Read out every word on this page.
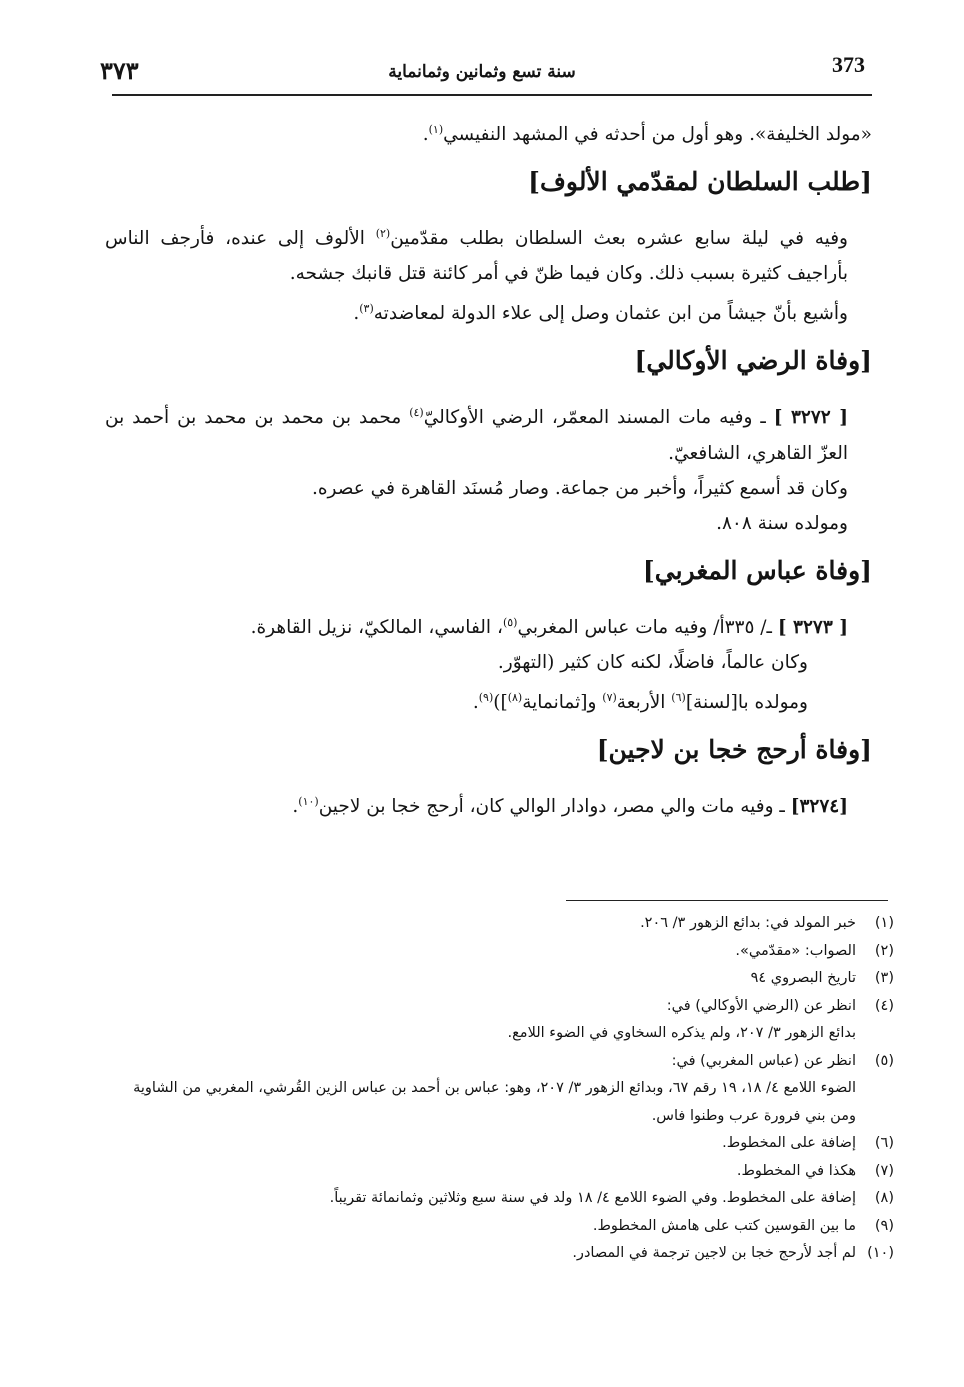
373
سنة تسع وثمانين وثمانماية
٣٧٣

«مولد الخليفة». وهو أول من أحدثه في المشهد النفيسي$^{(١)}$.

[طلب السلطان لمقدّمي الألوف]

وفيه في ليلة سابع عشره بعث السلطان بطلب مقدّمين$^{(٢)}$ الألوف إلى عنده، فأرجف الناس بأراجيف كثيرة بسبب ذلك. وكان فيما ظنّ في أمر كائنة قتل قانبك جشحه.

وأشيع بأنّ جيشاً من ابن عثمان وصل إلى علاء الدولة لمعاضدته$^{(٣)}$.

[وفاة الرضي الأوكالي]

[ ٣٢٧٢ ] ـ وفيه مات المسند المعمّر، الرضي الأوكاليّ$^{(٤)}$ محمد بن محمد بن محمد بن أحمد بن العزّ القاهري، الشافعيّ.

وكان قد أسمع كثيراً، وأخبر من جماعة. وصار مُسنَد القاهرة في عصره.

ومولده سنة ٨٠٨.

[وفاة عباس المغربي]

[ ٣٢٧٣ ] ـ/ ٣٣٥أ/ وفيه مات عباس المغربي$^{(٥)}$، الفاسي، المالكيّ، نزيل القاهرة.

وكان عالماً، فاضلًا، لكنه كان كثير (التهوّر.

ومولده با[لسنة]$^{(٦)}$ الأربعة$^{(٧)}$ و[ثمانماية$^{(٨)}$])$^{(٩)}$.

[وفاة أرحج خجا بن لاجين]

[٣٢٧٤] ـ وفيه مات والي مصر، دوادار الوالي كان، أرحج خجا بن لاجين$^{(١٠)}$.

(١)
خبر المولد في: بدائع الزهور ٣/ ٢٠٦.
(٢)
الصواب: «مقدّمي».
(٣)
تاريخ البصروي ٩٤
(٤)
انظر عن (الرضي الأوكالي) في:
بدائع الزهور ٣/ ٢٠٧، ولم يذكره السخاوي في الضوء اللامع.
(٥)
انظر عن (عباس المغربي) في:
الضوء اللامع ٤/ ١٨، ١٩ رقم ٦٧، وبدائع الزهور ٣/ ٢٠٧، وهو: عباس بن أحمد بن عباس الزين القُرشي، المغربي من الشاوية ومن بني فرورة عرب وطنوا فاس.
(٦)
إضافة على المخطوط.
(٧)
هكذا في المخطوط.
(٨)
إضافة على المخطوط. وفي الضوء اللامع ٤/ ١٨ ولد في سنة سبع وثلاثين وثمانمائة تقريباً.
(٩)
ما بين القوسين كتب على هامش المخطوط.
(١٠)
لم أجد لأرحج خجا بن لاجين ترجمة في المصادر.
